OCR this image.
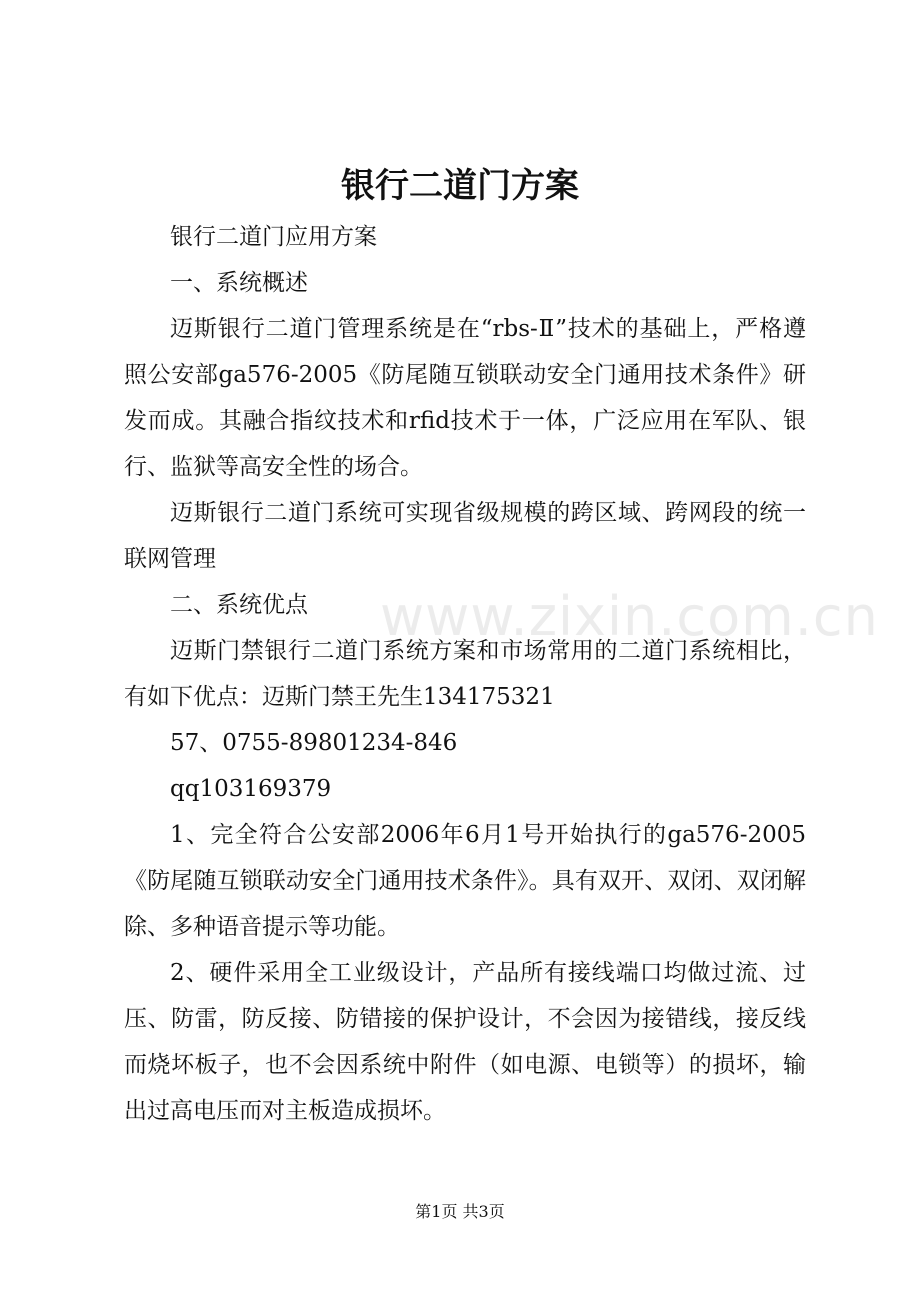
www.zixin.com.cn
银行二道门方案

银行二道门应用方案

一、系统概述

迈斯银行二道门管理系统是在“rbs-Ⅱ”技术的基础上，严格遵照公安部ga576-2005《防尾随互锁联动安全门通用技术条件》研发而成。其融合指纹技术和rfid技术于一体，广泛应用在军队、银行、监狱等高安全性的场合。

迈斯银行二道门系统可实现省级规模的跨区域、跨网段的统一联网管理

二、系统优点

迈斯门禁银行二道门系统方案和市场常用的二道门系统相比，有如下优点：迈斯门禁王先生134175321

57、0755-89801234-846

qq103169379

1、完全符合公安部2006年6月1号开始执行的ga576-2005《防尾随互锁联动安全门通用技术条件》。具有双开、双闭、双闭解除、多种语音提示等功能。

2、硬件采用全工业级设计，产品所有接线端口均做过流、过压、防雷，防反接、防错接的保护设计，不会因为接错线，接反线而烧坏板子，也不会因系统中附件（如电源、电锁等）的损坏，输出过高电压而对主板造成损坏。

第1页 共3页
